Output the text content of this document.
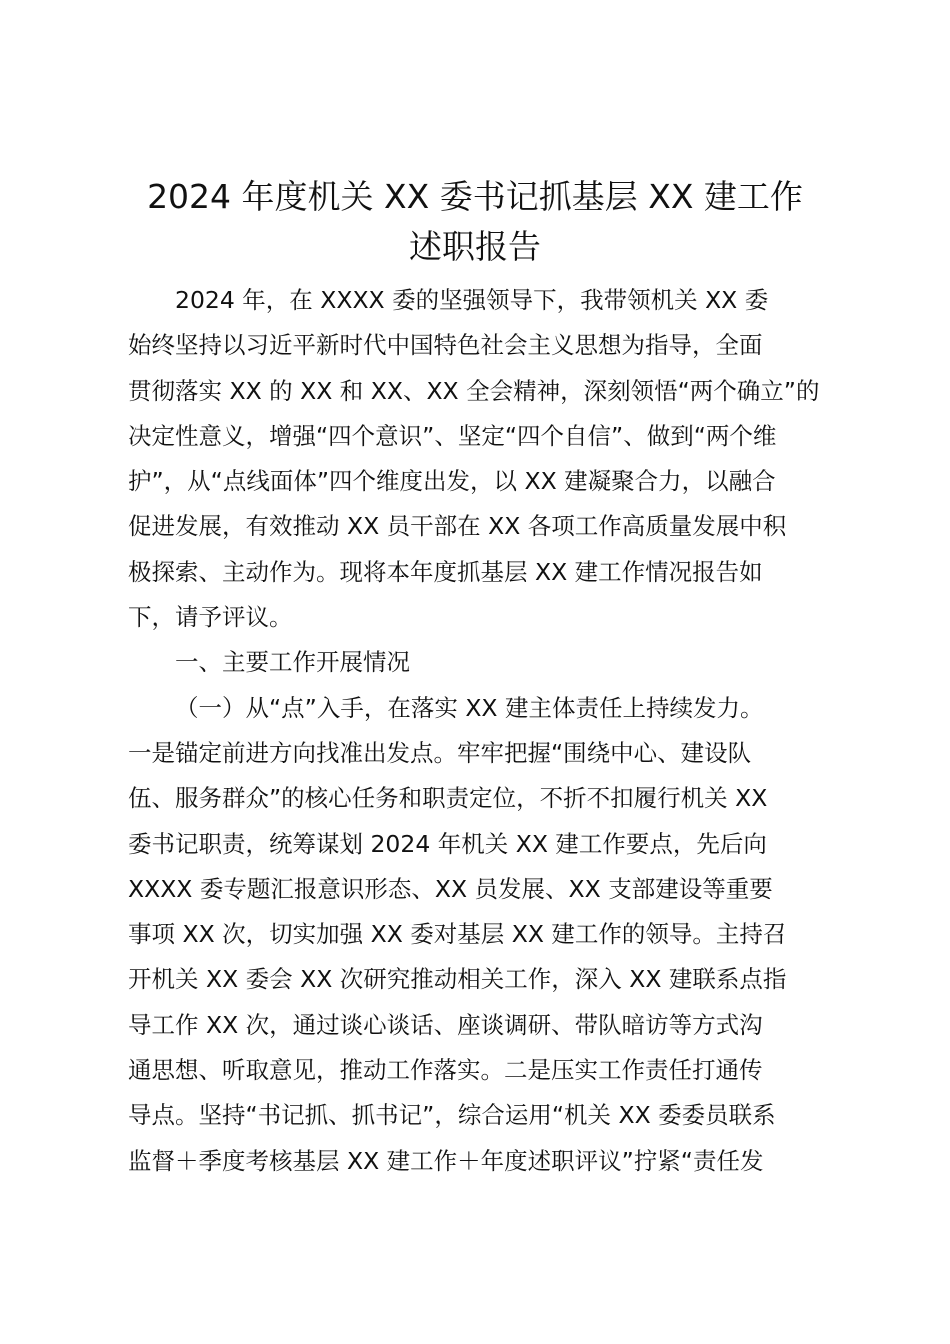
2024 年度机关 XX 委书记抓基层 XX 建工作
述职报告
2024 年，在 XXXX 委的坚强领导下，我带领机关 XX 委
始终坚持以习近平新时代中国特色社会主义思想为指导，全面
贯彻落实 XX 的 XX 和 XX、XX 全会精神，深刻领悟“两个确立”的
决定性意义，增强“四个意识”、坚定“四个自信”、做到“两个维
护”，从“点线面体”四个维度出发，以 XX 建凝聚合力，以融合
促进发展，有效推动 XX 员干部在 XX 各项工作高质量发展中积
极探索、主动作为。现将本年度抓基层 XX 建工作情况报告如
下，请予评议。
一、主要工作开展情况
（一）从“点”入手，在落实 XX 建主体责任上持续发力。
一是锚定前进方向找准出发点。牢牢把握“围绕中心、建设队
伍、服务群众”的核心任务和职责定位，不折不扣履行机关 XX
委书记职责，统筹谋划 2024 年机关 XX 建工作要点，先后向
XXXX 委专题汇报意识形态、XX 员发展、XX 支部建设等重要
事项 XX 次，切实加强 XX 委对基层 XX 建工作的领导。主持召
开机关 XX 委会 XX 次研究推动相关工作，深入 XX 建联系点指
导工作 XX 次，通过谈心谈话、座谈调研、带队暗访等方式沟
通思想、听取意见，推动工作落实。二是压实工作责任打通传
导点。坚持“书记抓、抓书记”，综合运用“机关 XX 委委员联系
监督＋季度考核基层 XX 建工作＋年度述职评议”拧紧“责任发
